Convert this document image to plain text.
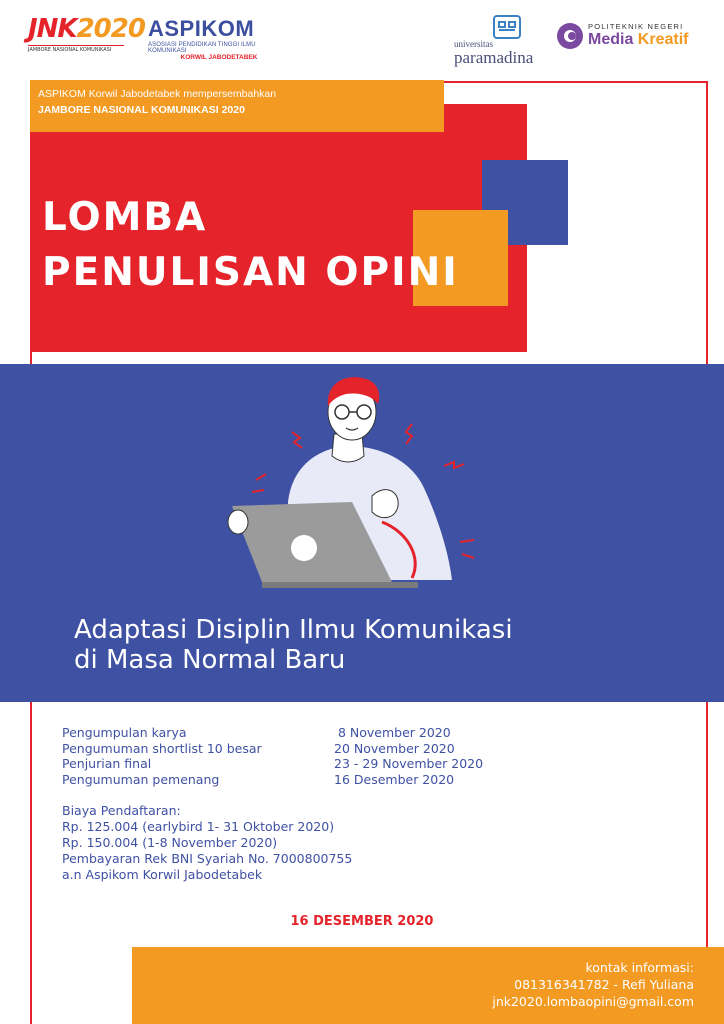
JNK2020
JAMBORE NASIONAL KOMUNIKASI
ASPIKOM
ASOSIASI PENDIDIKAN TINGGI ILMU KOMUNIKASI
KORWIL JABODETABEK
universitas
paramadina
POLITEKNIK NEGERI
Media Kreatif
ASPIKOM Korwil Jabodetabek mempersembahkan
JAMBORE NASIONAL KOMUNIKASI 2020
LOMBA
PENULISAN OPINI
Adaptasi Disiplin Ilmu Komunikasi
di Masa Normal Baru
Pengumpulan karya	8 November 2020
Pengumuman shortlist 10 besar	20 November 2020
Penjurian final	23 - 29 November 2020
Pengumuman pemenang	16 Desember 2020
Biaya Pendaftaran:
Rp. 125.004 (earlybird 1- 31 Oktober 2020)
Rp. 150.004 (1-8 November 2020)
Pembayaran Rek BNI Syariah No. 7000800755
a.n Aspikom Korwil Jabodetabek
16 DESEMBER 2020
kontak informasi:
081316341782 - Refi Yuliana
jnk2020.lombaopini@gmail.com
